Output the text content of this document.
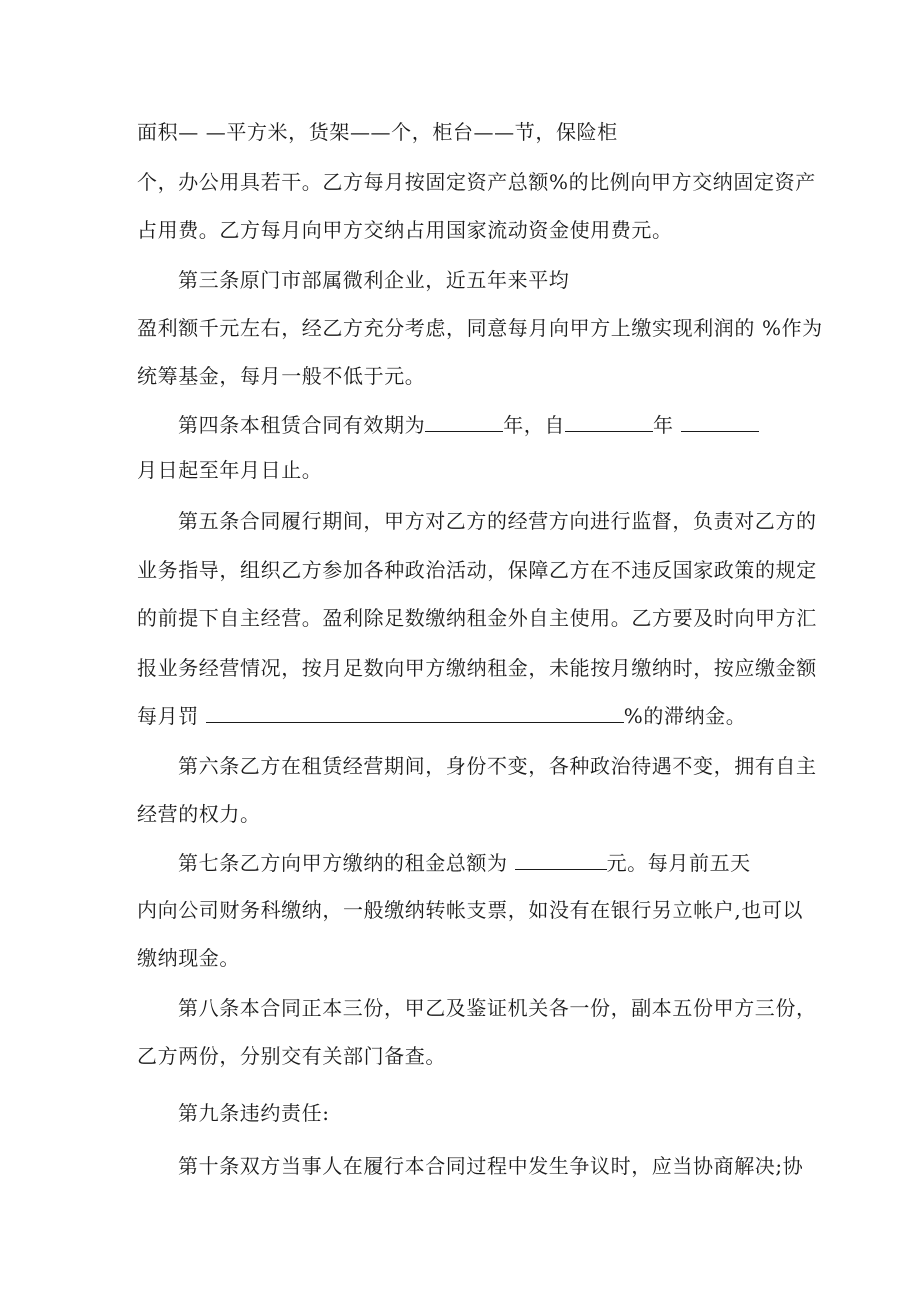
面积— —平方米，货架——个，柜台——节，保险柜
个，办公用具若干。乙方每月按固定资产总额%的比例向甲方交纳固定资产
占用费。乙方每月向甲方交纳占用国家流动资金使用费元。
第三条原门市部属微利企业，近五年来平均
盈利额千元左右，经乙方充分考虑，同意每月向甲方上缴实现利润的 %作为
统筹基金，每月一般不低于元。
第四条本租赁合同有效期为	年，自	年
月日起至年月日止。
第五条合同履行期间，甲方对乙方的经营方向进行监督，负责对乙方的
业务指导，组织乙方参加各种政治活动，保障乙方在不违反国家政策的规定
的前提下自主经营。盈利除足数缴纳租金外自主使用。乙方要及时向甲方汇
报业务经营情况，按月足数向甲方缴纳租金，未能按月缴纳时，按应缴金额
每月罚	%的滞纳金。
第六条乙方在租赁经营期间，身份不变，各种政治待遇不变，拥有自主
经营的权力。
第七条乙方向甲方缴纳的租金总额为	元。每月前五天
内向公司财务科缴纳，一般缴纳转帐支票，如没有在银行另立帐户,也可以
缴纳现金。
第八条本合同正本三份，甲乙及鉴证机关各一份，副本五份甲方三份，
乙方两份，分别交有关部门备查。
第九条违约责任:
第十条双方当事人在履行本合同过程中发生争议时，应当协商解决;协
